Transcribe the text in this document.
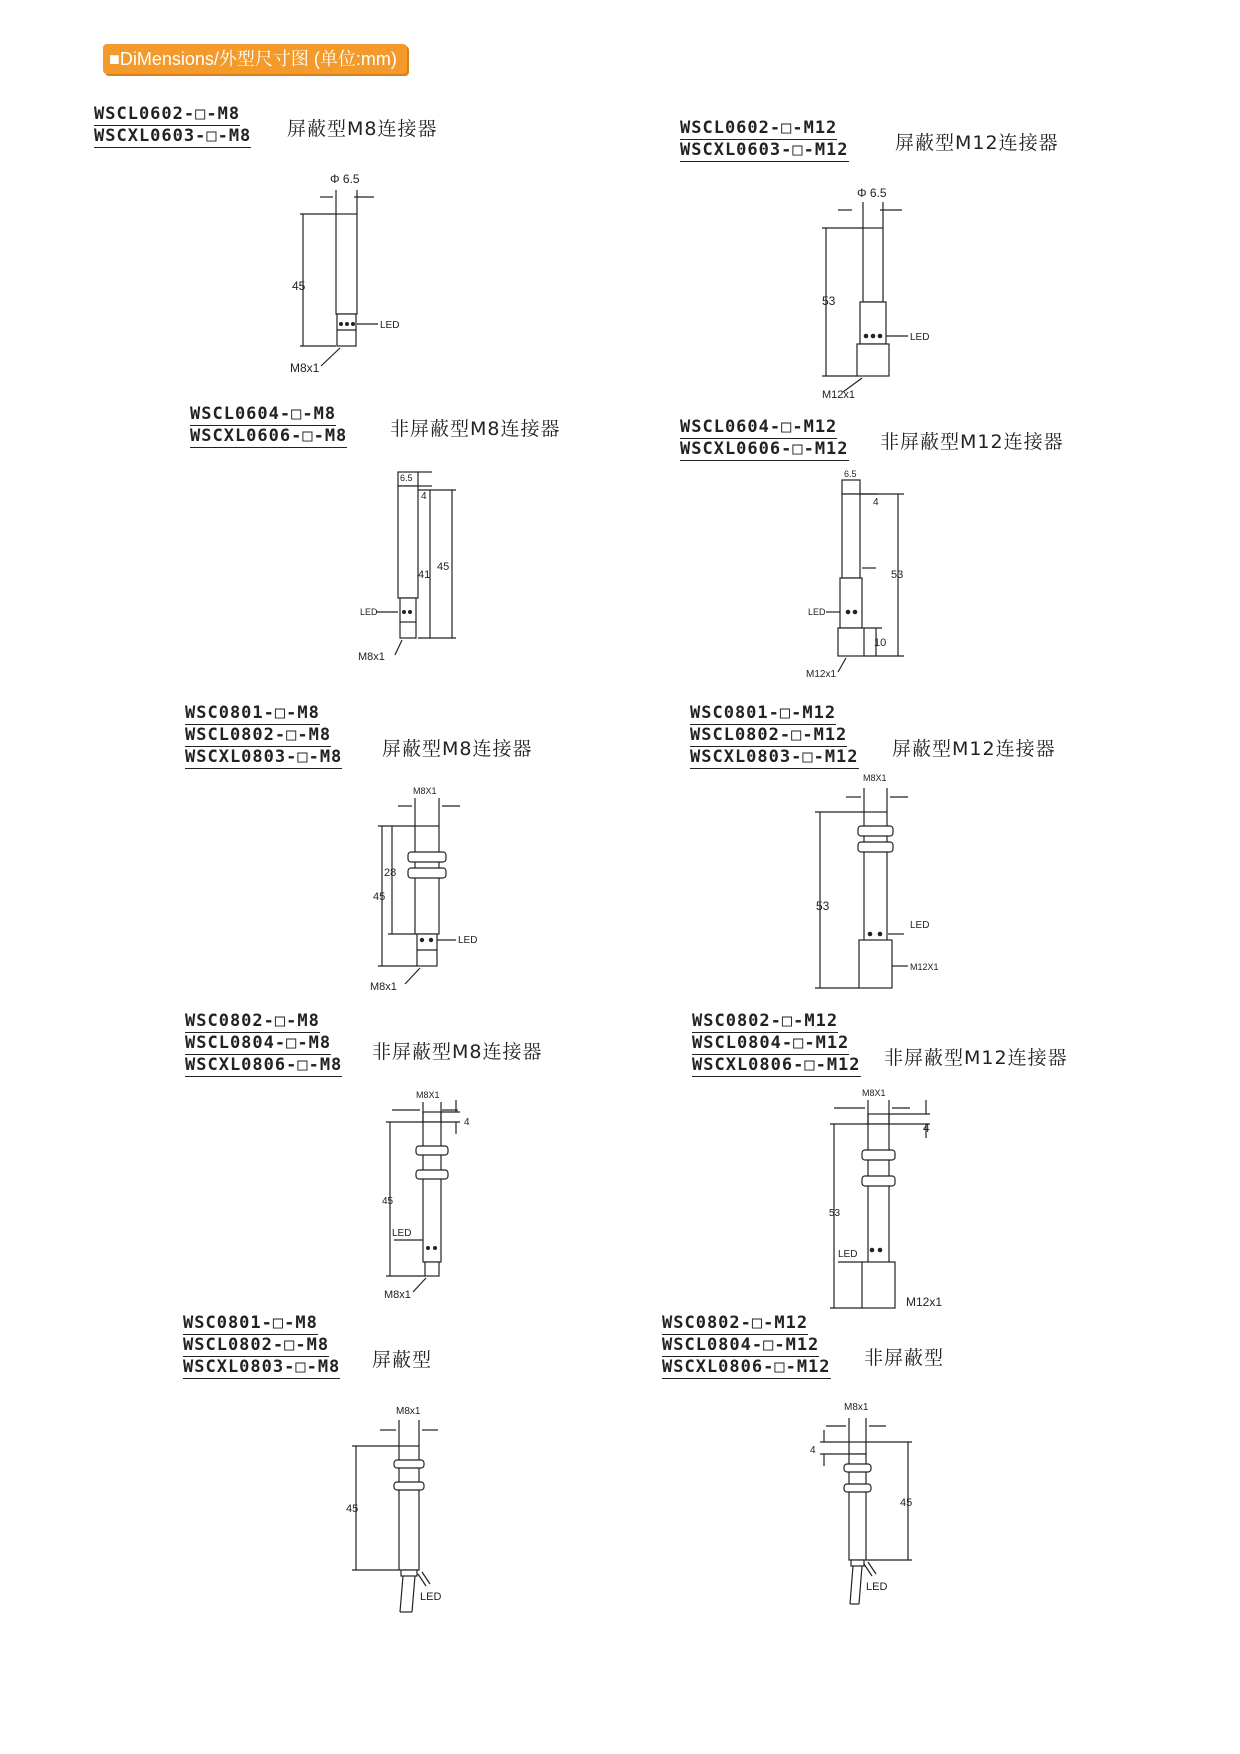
■DiMensions/外型尺寸图 (单位:mm)
WSCL0602-□-M8
WSCXL0603-□-M8 屏蔽型M8连接器
Φ 6.5
45
LED
M8x1
WSCL0602-□-M12
WSCXL0603-□-M12 屏蔽型M12连接器
Φ 6.5
53
LED
M12x1
WSCL0604-□-M8
WSCXL0606-□-M8 非屏蔽型M8连接器
6.5
4
41
45
LED
M8x1
WSCL0604-□-M12
WSCXL0606-□-M12 非屏蔽型M12连接器
6.5
4
53
10
LED
M12x1
WSC0801-□-M8
WSCL0802-□-M8
WSCXL0803-□-M8 屏蔽型M8连接器
M8X1
28
45
LED
M8x1
WSC0801-□-M12
WSCL0802-□-M12
WSCXL0803-□-M12 屏蔽型M12连接器
M8X1
53
LED
M12X1
WSC0802-□-M8
WSCL0804-□-M8
WSCXL0806-□-M8
非屏蔽型M8连接器
M8X1
4
45
LED
M8x1
WSC0802-□-M12
WSCL0804-□-M12
WSCXL0806-□-M12 非屏蔽型M12连接器
M8X1
4
53
LED
M12x1
WSC0801-□-M8
WSCL0802-□-M8
WSCXL0803-□-M8 屏蔽型
M8x1
45
LED
WSC0802-□-M12
WSCL0804-□-M12
WSCXL0806-□-M12 非屏蔽型
M8x1
4
45
LED
